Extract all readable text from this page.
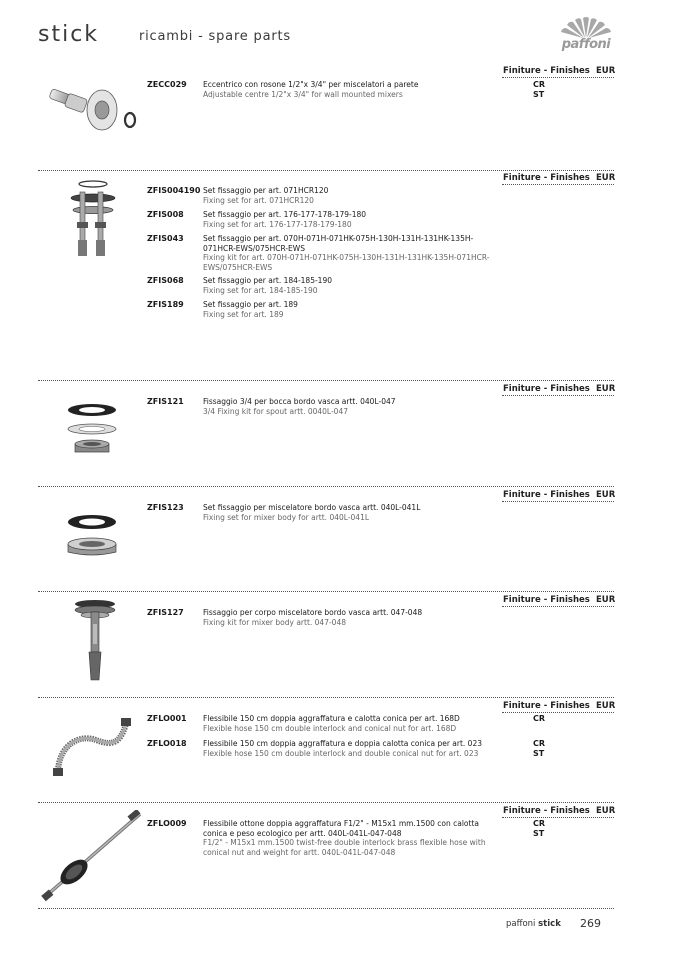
stick	ricambi - spare parts
paffoni
Finiture - Finishes EUR
ZECC029 Eccentrico con rosone 1/2"x 3/4" per miscelatori a parete
Adjustable centre 1/2"x 3/4" for wall mounted mixers
CR
ST
Finiture - Finishes EUR
ZFIS004190 Set fissaggio per art. 071HCR120
Fixing set for art. 071HCR120
ZFIS008	Set fissaggio per art. 176-177-178-179-180
Fixing set for art. 176-177-178-179-180
ZFIS043	Set fissaggio per art. 070H-071H-071HK-075H-130H-131H-131HK-135H-071HCR-EWS/075HCR-EWS
Fixing kit for art. 070H-071H-071HK-075H-130H-131H-131HK-135H-071HCR-EWS/075HCR-EWS
ZFIS068	Set fissaggio per art. 184-185-190
Fixing set for art. 184-185-190
ZFIS189	Set fissaggio per art. 189
Fixing set for art. 189
Finiture - Finishes EUR
ZFIS121	Fissaggio 3/4 per bocca bordo vasca artt. 040L-047
3/4 Fixing kit for spout artt. 0040L-047
Finiture - Finishes EUR
ZFIS123	Set fissaggio per miscelatore bordo vasca artt. 040L-041L
Fixing set for mixer body for artt. 040L-041L
Finiture - Finishes EUR
ZFIS127	Fissaggio per corpo miscelatore bordo vasca artt. 047-048
Fixing kit for mixer body artt. 047-048
Finiture - Finishes EUR
ZFLO001 Flessibile 150 cm doppia aggraffatura e calotta conica per art. 168D
Flexible hose 150 cm double interlock and conical nut for art. 168D
CR
ZFLO018 Flessibile 150 cm doppia aggraffatura e doppia calotta conica per art. 023
Flexible hose 150 cm double interlock and double conical nut for art. 023
CR
ST
Finiture - Finishes EUR
ZFLO009 Flessibile ottone doppia aggraffatura F1/2" - M15x1 mm.1500 con calotta conica e peso ecologico per artt. 040L-041L-047-048
F1/2" - M15x1 mm.1500 twist-free double interlock brass flexible hose with conical nut and weight for artt. 040L-041L-047-048
CR
ST
paffoni stick 269
